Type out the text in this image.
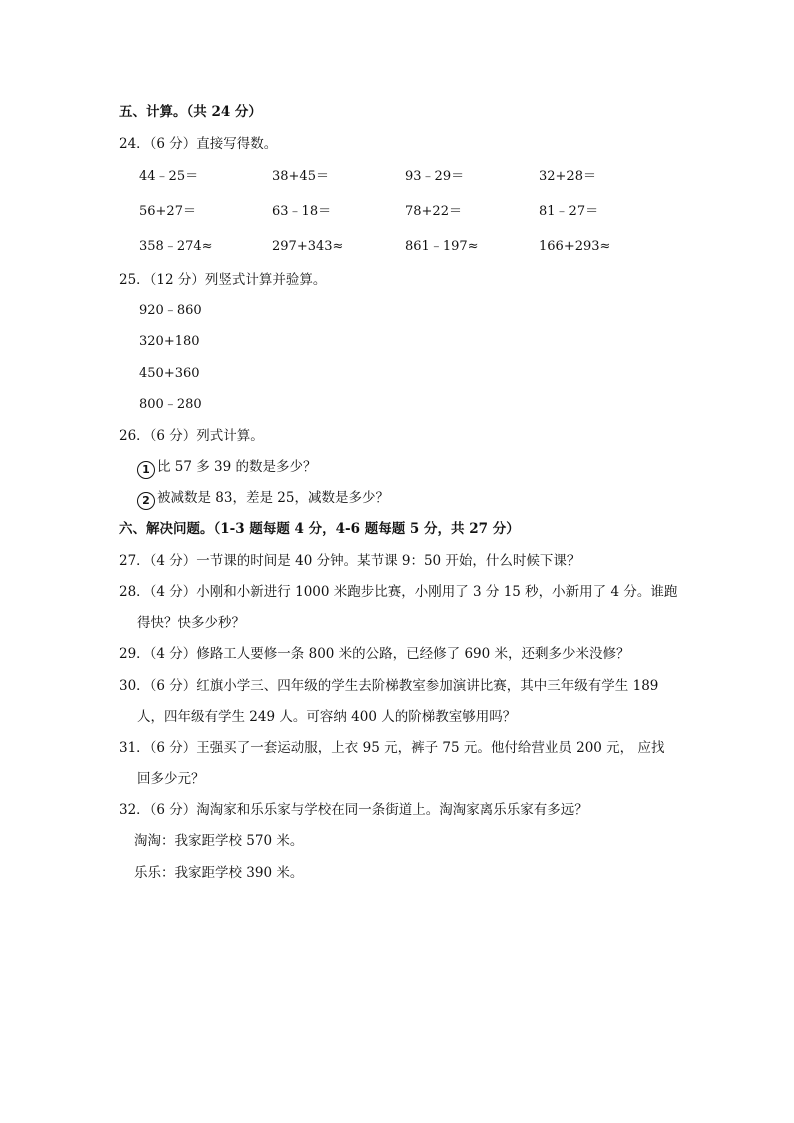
五、计算。（共 24 分）
24．（6 分）直接写得数。
44﹣25＝	38+45＝	93﹣29＝	32+28＝
56+27＝	63﹣18＝	78+22＝	81﹣27＝
358﹣274≈	297+343≈	861﹣197≈	166+293≈
25．（12 分）列竖式计算并验算。
920﹣860
320+180
450+360
800﹣280
26．（6 分）列式计算。
1 比 57 多 39 的数是多少？
2 被减数是 83，差是 25，减数是多少？
六、解决问题。（1-3 题每题 4 分，4-6 题每题 5 分，共 27 分）
27．（4 分）一节课的时间是 40 分钟。某节课 9：50 开始，什么时候下课？
28．（4 分）小刚和小新进行 1000 米跑步比赛，小刚用了 3 分 15 秒，小新用了 4 分。谁跑
得快？快多少秒？
29．（4 分）修路工人要修一条 800 米的公路，已经修了 690 米，还剩多少米没修？
30．（6 分）红旗小学三、四年级的学生去阶梯教室参加演讲比赛，其中三年级有学生 189
人，四年级有学生 249 人。可容纳 400 人的阶梯教室够用吗？
31．（6 分）王强买了一套运动服，上衣 95 元，裤子 75 元。他付给营业员 200 元， 应找
回多少元？
32．（6 分）淘淘家和乐乐家与学校在同一条街道上。淘淘家离乐乐家有多远？
淘淘：我家距学校 570 米。
乐乐：我家距学校 390 米。
